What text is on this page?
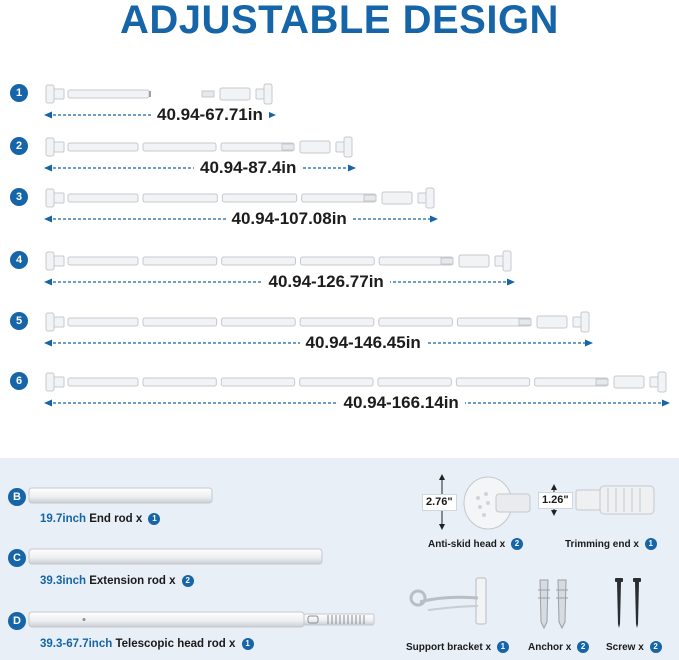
ADJUSTABLE DESIGN
1
40.94-67.71in
2
40.94-87.4in
3
40.94-107.08in
4
40.94-126.77in
5
40.94-146.45in
6
40.94-166.14in
B
19.7inch End rod x 1
C
39.3inch Extension rod x 2
D
39.3-67.7inch Telescopic head rod x 1
2.76"
Anti-skid head x 2
1.26"
Trimming end x 1
Support bracket x 1	Anchor x 2	Screw x 2
